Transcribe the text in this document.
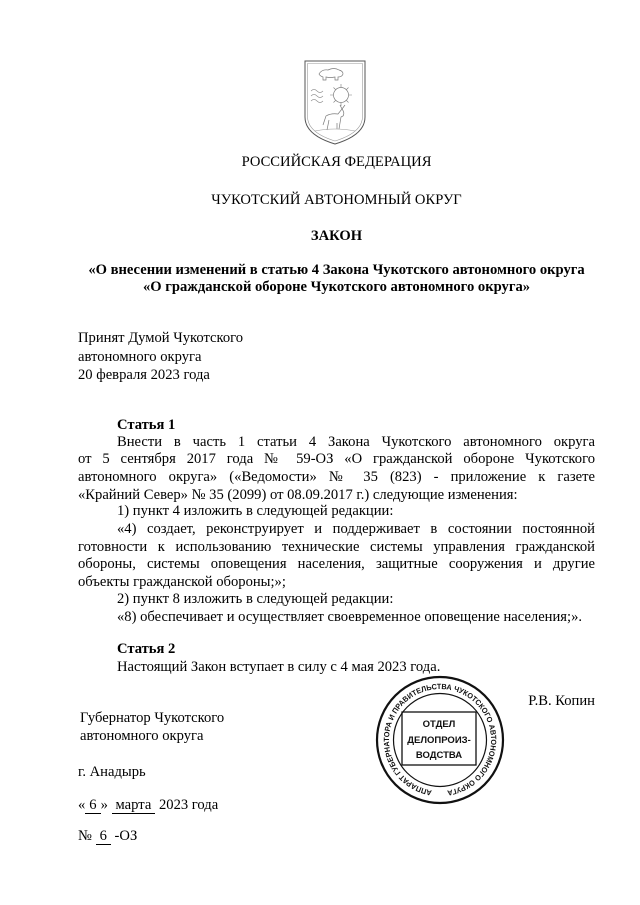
РОССИЙСКАЯ ФЕДЕРАЦИЯ
ЧУКОТСКИЙ АВТОНОМНЫЙ ОКРУГ
ЗАКОН
«О внесении изменений в статью 4 Закона Чукотского автономного округа
«О гражданской обороне Чукотского автономного округа»
Принят Думой Чукотского
автономного округа
20 февраля 2023 года
Статья 1
Внести в часть 1 статьи 4 Закона Чукотского автономного округа
от 5 сентября 2017 года № 59-ОЗ «О гражданской обороне Чукотского
автономного округа» («Ведомости» № 35 (823) - приложение к газете
«Крайний Север» № 35 (2099) от 08.09.2017 г.) следующие изменения:
1) пункт 4 изложить в следующей редакции:
«4) создает, реконструирует и поддерживает в состоянии постоянной
готовности к использованию технические системы управления гражданской
обороны, системы оповещения населения, защитные сооружения и другие
объекты гражданской обороны;»;
2) пункт 8 изложить в следующей редакции:
«8) обеспечивает и осуществляет своевременное оповещение населения;».
Статья 2
Настоящий Закон вступает в силу с 4 мая 2023 года.
Р.В. Копин
Губернатор Чукотского
автономного округа
АППАРАТ ГУБЕРНАТОРА И ПРАВИТЕЛЬСТВА ЧУКОТСКОГО АВТОНОМНОГО ОКРУГА
ОТДЕЛ
ДЕЛОПРОИЗ-
ВОДСТВА
г. Анадырь
« 6 » марта 2023 года
№ 6 -ОЗ
